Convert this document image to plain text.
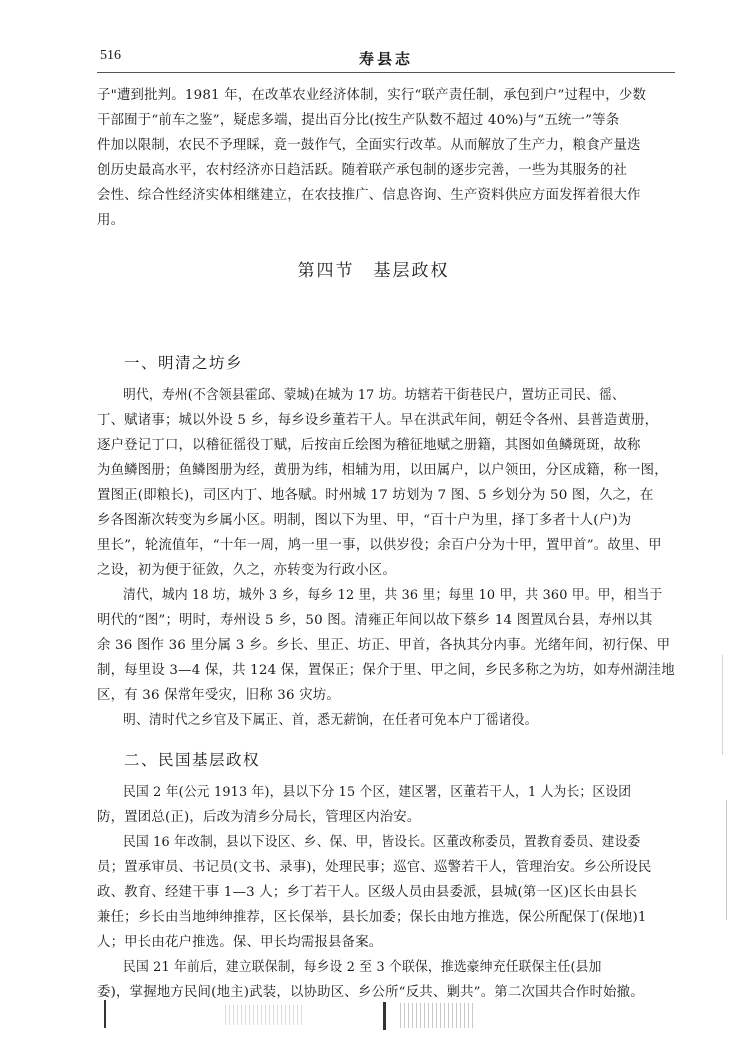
516	寿县志
子"遭到批判。1981 年，在改革农业经济体制，实行“联产责任制，承包到户”过程中，少数
干部囿于“前车之鉴”，疑虑多端，提出百分比(按生产队数不超过 40%)与“五统一”等条
件加以限制，农民不予理睬，竟一鼓作气，全面实行改革。从而解放了生产力，粮食产量迭
创历史最高水平，农村经济亦日趋活跃。随着联产承包制的逐步完善，一些为其服务的社
会性、综合性经济实体相继建立，在农技推广、信息咨询、生产资料供应方面发挥着很大作
用。
第四节　基层政权
一、明清之坊乡
明代，寿州(不含领县霍邱、蒙城)在城为 17 坊。坊辖若干街巷民户，置坊正司民、徭、
丁、赋诸事；城以外设 5 乡，每乡设乡董若干人。早在洪武年间，朝廷令各州、县普造黄册，
逐户登记丁口，以稽征徭役丁赋，后按亩丘绘图为稽征地赋之册籍，其图如鱼鳞斑斑，故称
为鱼鳞图册；鱼鳞图册为经，黄册为纬，相辅为用，以田属户，以户领田，分区成籍，称一图，
置图正(即粮长)，司区内丁、地各赋。时州城 17 坊划为 7 图、5 乡划分为 50 图，久之，在
乡各图渐次转变为乡属小区。明制，图以下为里、甲，“百十户为里，择丁多者十人(户)为
里长”，轮流值年，“十年一周，鸠一里一事，以供岁役；余百户分为十甲，置甲首”。故里、甲
之设，初为便于征敛，久之，亦转变为行政小区。
清代，城内 18 坊，城外 3 乡，每乡 12 里，共 36 里；每里 10 甲，共 360 甲。甲，相当于
明代的“图”；明时，寿州设 5 乡，50 图。清雍正年间以故下蔡乡 14 图置凤台县，寿州以其
余 36 图作 36 里分属 3 乡。乡长、里正、坊正、甲首，各执其分内事。光绪年间，初行保、甲
制，每里设 3—4 保，共 124 保，置保正；保介于里、甲之间，乡民多称之为坊，如寿州湖洼地
区，有 36 保常年受灾，旧称 36 灾坊。
明、清时代之乡官及下属正、首，悉无薪饷，在任者可免本户丁徭诸役。
二、民国基层政权
民国 2 年(公元 1913 年)，县以下分 15 个区，建区署，区董若干人，1 人为长；区设团
防，置团总(正)，后改为清乡分局长，管理区内治安。
民国 16 年改制，县以下设区、乡、保、甲，皆设长。区董改称委员，置教育委员、建设委
员；置承审员、书记员(文书、录事)，处理民事；巡官、巡警若干人，管理治安。乡公所设民
政、教育、经建干事 1—3 人；乡丁若干人。区级人员由县委派，县城(第一区)区长由县长
兼任；乡长由当地绅绅推荐，区长保举，县长加委；保长由地方推选，保公所配保丁(保地)1
人；甲长由花户推选。保、甲长均需报县备案。
民国 21 年前后，建立联保制，每乡设 2 至 3 个联保，推选豪绅充任联保主任(县加
委)，掌握地方民间(地主)武装，以协助区、乡公所“反共、剿共”。第二次国共合作时始撤。
